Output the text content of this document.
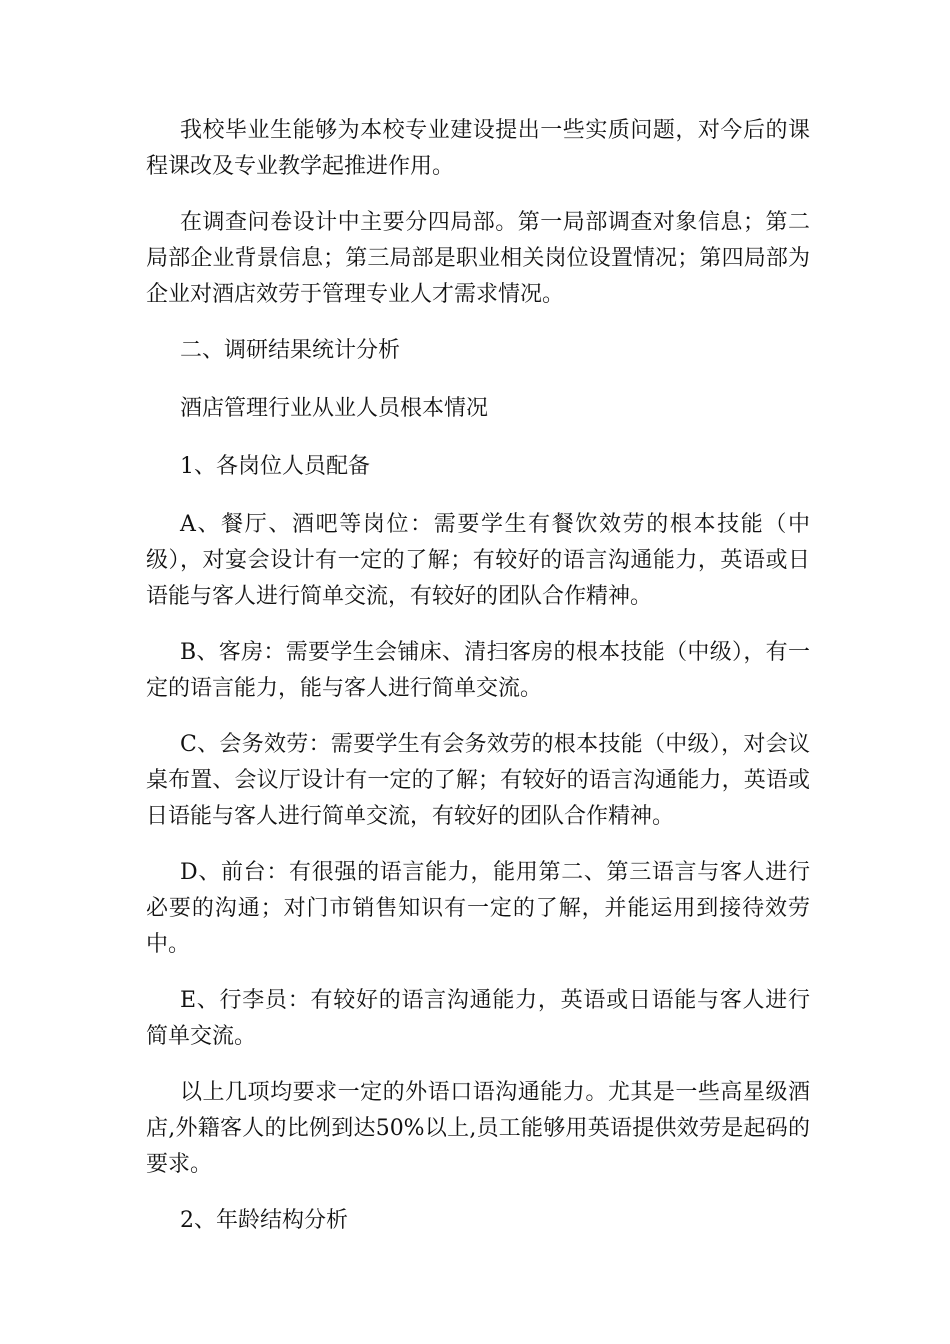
我校毕业生能够为本校专业建设提出一些实质问题，对今后的课程课改及专业教学起推进作用。

在调查问卷设计中主要分四局部。第一局部调查对象信息；第二局部企业背景信息；第三局部是职业相关岗位设置情况；第四局部为企业对酒店效劳于管理专业人才需求情况。

二、调研结果统计分析

酒店管理行业从业人员根本情况

1、各岗位人员配备

A、餐厅、酒吧等岗位：需要学生有餐饮效劳的根本技能（中级），对宴会设计有一定的了解；有较好的语言沟通能力，英语或日语能与客人进行简单交流，有较好的团队合作精神。

B、客房：需要学生会铺床、清扫客房的根本技能（中级），有一定的语言能力，能与客人进行简单交流。

C、会务效劳：需要学生有会务效劳的根本技能（中级），对会议桌布置、会议厅设计有一定的了解；有较好的语言沟通能力，英语或日语能与客人进行简单交流，有较好的团队合作精神。

D、前台：有很强的语言能力，能用第二、第三语言与客人进行必要的沟通；对门市销售知识有一定的了解，并能运用到接待效劳中。

E、行李员：有较好的语言沟通能力，英语或日语能与客人进行简单交流。

以上几项均要求一定的外语口语沟通能力。尤其是一些高星级酒店,外籍客人的比例到达50%以上,员工能够用英语提供效劳是起码的要求。

2、年龄结构分析
